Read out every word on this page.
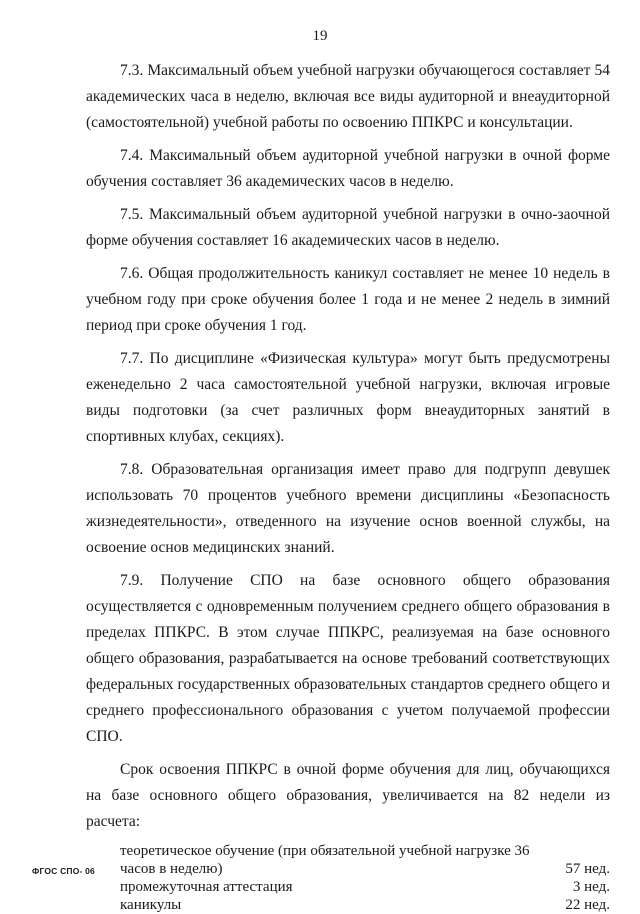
19

7.3. Максимальный объем учебной нагрузки обучающегося составляет 54 академических часа в неделю, включая все виды аудиторной и внеаудиторной (самостоятельной) учебной работы по освоению ППКРС и консультации.

7.4. Максимальный объем аудиторной учебной нагрузки в очной форме обучения составляет 36 академических часов в неделю.

7.5. Максимальный объем аудиторной учебной нагрузки в очно-заочной форме обучения составляет 16 академических часов в неделю.

7.6. Общая продолжительность каникул составляет не менее 10 недель в учебном году при сроке обучения более 1 года и не менее 2 недель в зимний период при сроке обучения 1 год.

7.7. По дисциплине «Физическая культура» могут быть предусмотрены еженедельно 2 часа самостоятельной учебной нагрузки, включая игровые виды подготовки (за счет различных форм внеаудиторных занятий в спортивных клубах, секциях).

7.8. Образовательная организация имеет право для подгрупп девушек использовать 70 процентов учебного времени дисциплины «Безопасность жизнедеятельности», отведенного на изучение основ военной службы, на освоение основ медицинских знаний.

7.9. Получение СПО на базе основного общего образования осуществляется с одновременным получением среднего общего образования в пределах ППКРС. В этом случае ППКРС, реализуемая на базе основного общего образования, разрабатывается на основе требований соответствующих федеральных государственных образовательных стандартов среднего общего и среднего профессионального образования с учетом получаемой профессии СПО.

Срок освоения ППКРС в очной форме обучения для лиц, обучающихся на базе основного общего образования, увеличивается на 82 недели из расчета:

теоретическое обучение (при обязательной учебной нагрузке 36
часов в неделю)	57 нед.
промежуточная аттестация	3 нед.
каникулы	22 нед.
ФГОС СПО- 06
